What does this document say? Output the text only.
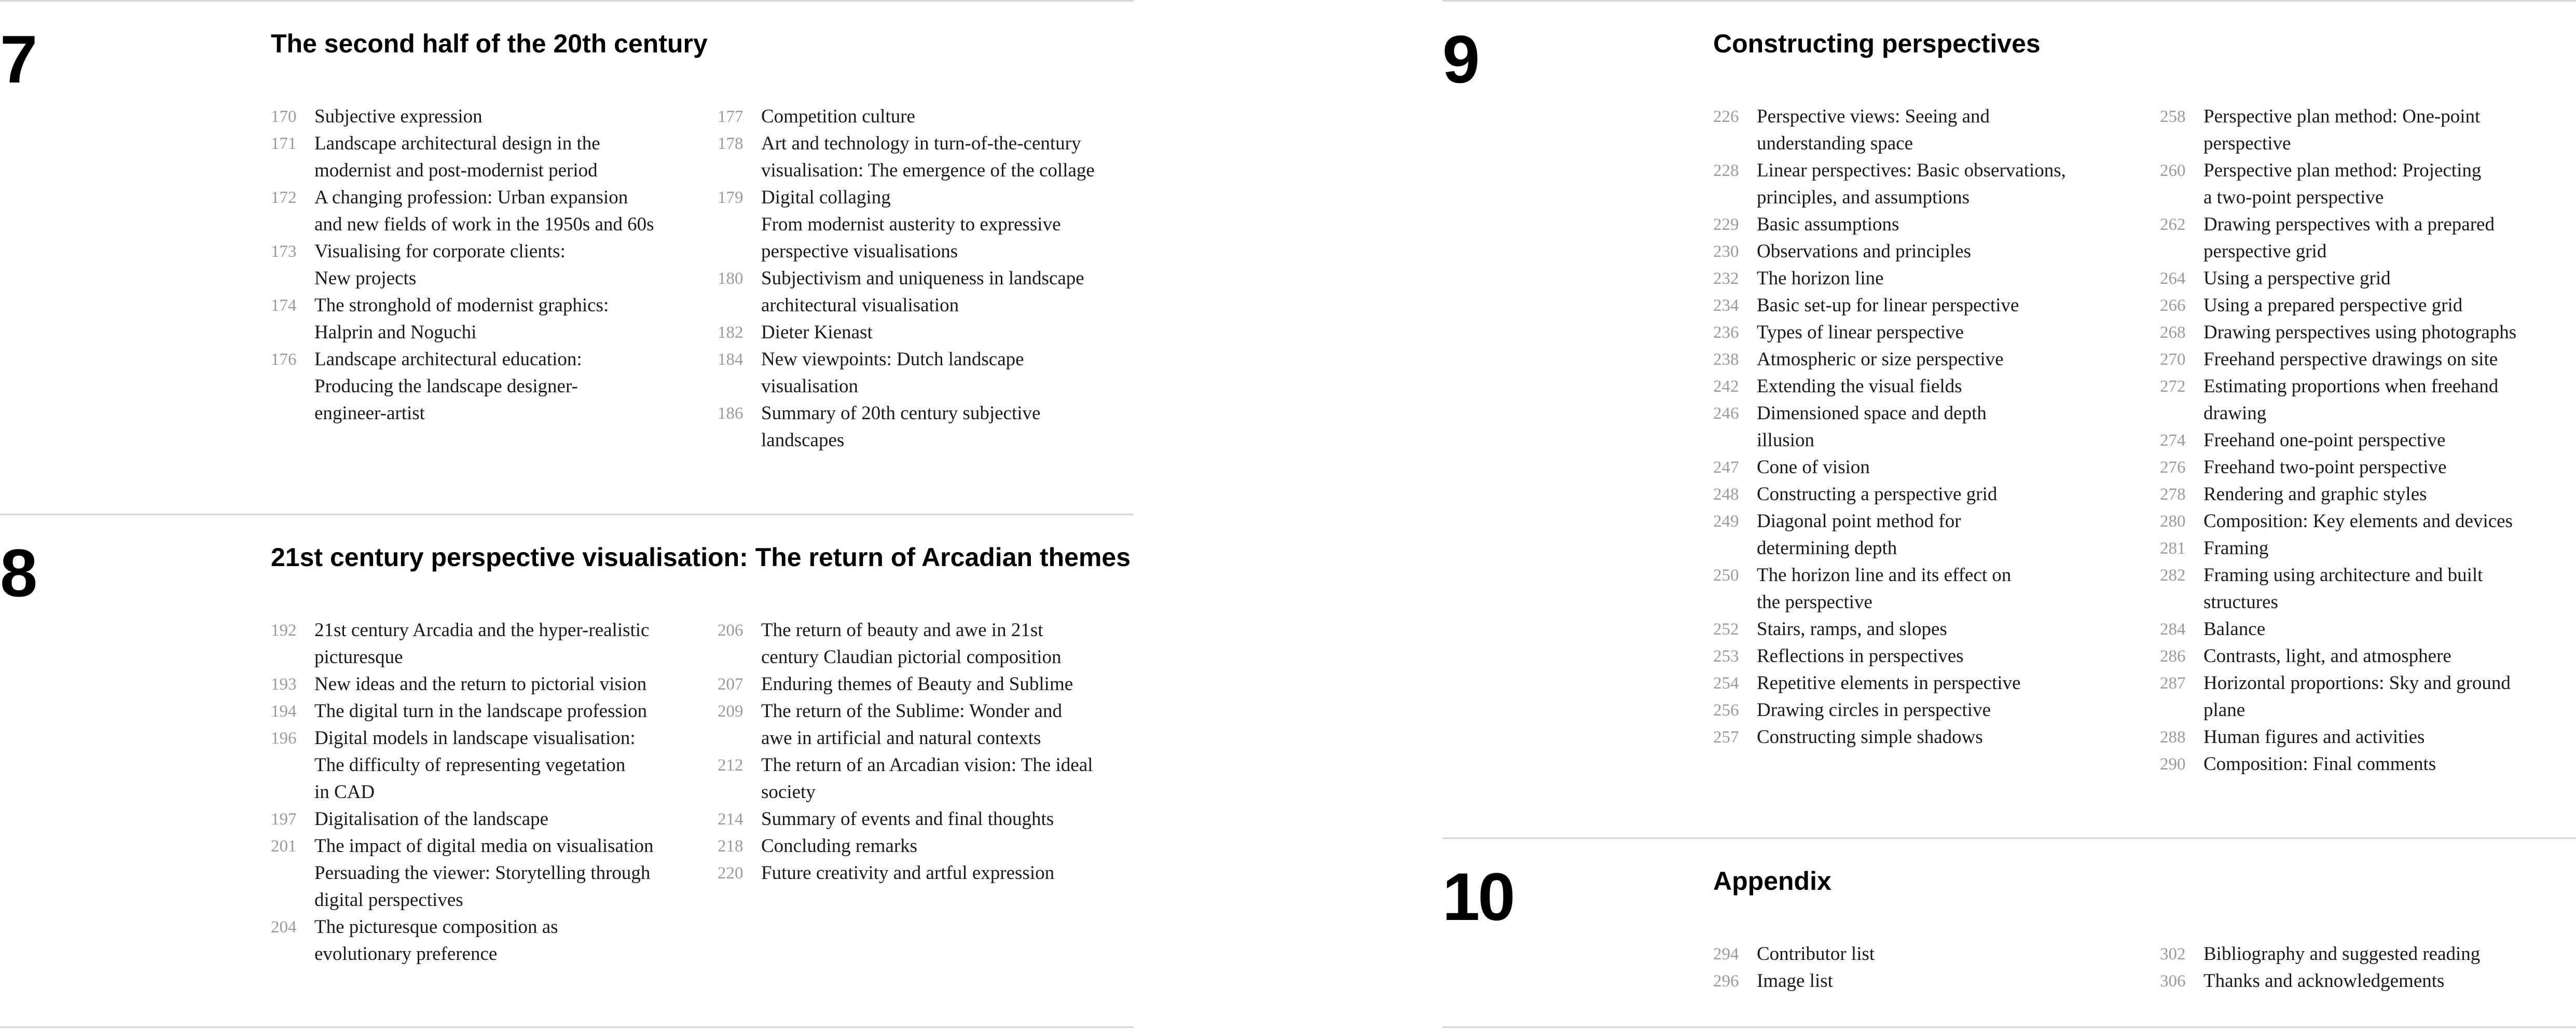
7	The second half of the 20th century
170 Subjective expression
171 Landscape architectural design in the
modernist and post-modernist period
172 A changing profession: Urban expansion
and new fields of work in the 1950s and 60s
173 Visualising for corporate clients:
New projects
174 The stronghold of modernist graphics:
Halprin and Noguchi
176 Landscape architectural education:
Producing the landscape designer-
engineer-artist
177 Competition culture
178 Art and technology in turn-of-the-century
visualisation: The emergence of the collage
179 Digital collaging
From modernist austerity to expressive
perspective visualisations
180 Subjectivism and uniqueness in landscape
architectural visualisation
182 Dieter Kienast
184 New viewpoints: Dutch landscape
visualisation
186 Summary of 20th century subjective
landscapes
8	21st century perspective visualisation: The return of Arcadian themes
192 21st century Arcadia and the hyper-realistic
picturesque
193 New ideas and the return to pictorial vision
194 The digital turn in the landscape profession
196 Digital models in landscape visualisation:
The difficulty of representing vegetation
in CAD
197 Digitalisation of the landscape
201 The impact of digital media on visualisation
Persuading the viewer: Storytelling through
digital perspectives
204 The picturesque composition as
evolutionary preference
206 The return of beauty and awe in 21st
century Claudian pictorial composition
207 Enduring themes of Beauty and Sublime
209 The return of the Sublime: Wonder and
awe in artificial and natural contexts
212 The return of an Arcadian vision: The ideal
society
214 Summary of events and final thoughts
218 Concluding remarks
220 Future creativity and artful expression
9	Constructing perspectives
226 Perspective views: Seeing and
understanding space
228 Linear perspectives: Basic observations,
principles, and assumptions
229 Basic assumptions
230 Observations and principles
232 The horizon line
234 Basic set-up for linear perspective
236 Types of linear perspective
238 Atmospheric or size perspective
242 Extending the visual fields
246 Dimensioned space and depth
illusion
247 Cone of vision
248 Constructing a perspective grid
249 Diagonal point method for
determining depth
250 The horizon line and its effect on
the perspective
252 Stairs, ramps, and slopes
253 Reflections in perspectives
254 Repetitive elements in perspective
256 Drawing circles in perspective
257 Constructing simple shadows
258 Perspective plan method: One-point
perspective
260 Perspective plan method: Projecting
a two-point perspective
262 Drawing perspectives with a prepared
perspective grid
264 Using a perspective grid
266 Using a prepared perspective grid
268 Drawing perspectives using photographs
270 Freehand perspective drawings on site
272 Estimating proportions when freehand
drawing
274 Freehand one-point perspective
276 Freehand two-point perspective
278 Rendering and graphic styles
280 Composition: Key elements and devices
281 Framing
282 Framing using architecture and built
structures
284 Balance
286 Contrasts, light, and atmosphere
287 Horizontal proportions: Sky and ground
plane
288 Human figures and activities
290 Composition: Final comments
10	Appendix
294 Contributor list
296 Image list
302 Bibliography and suggested reading
306 Thanks and acknowledgements
